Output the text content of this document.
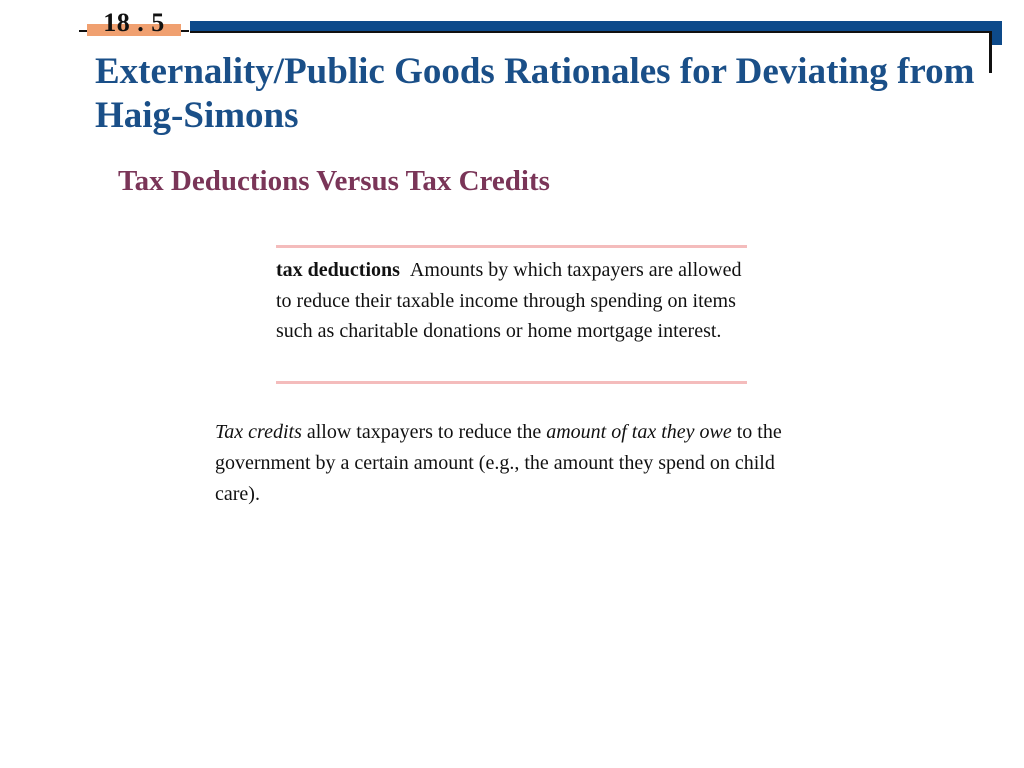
18 . 5
Externality/Public Goods Rationales for Deviating from Haig-Simons
Tax Deductions Versus Tax Credits
tax deductions Amounts by which taxpayers are allowed to reduce their taxable income through spending on items such as charitable donations or home mortgage interest.
Tax credits allow taxpayers to reduce the amount of tax they owe to the government by a certain amount (e.g., the amount they spend on child care).
